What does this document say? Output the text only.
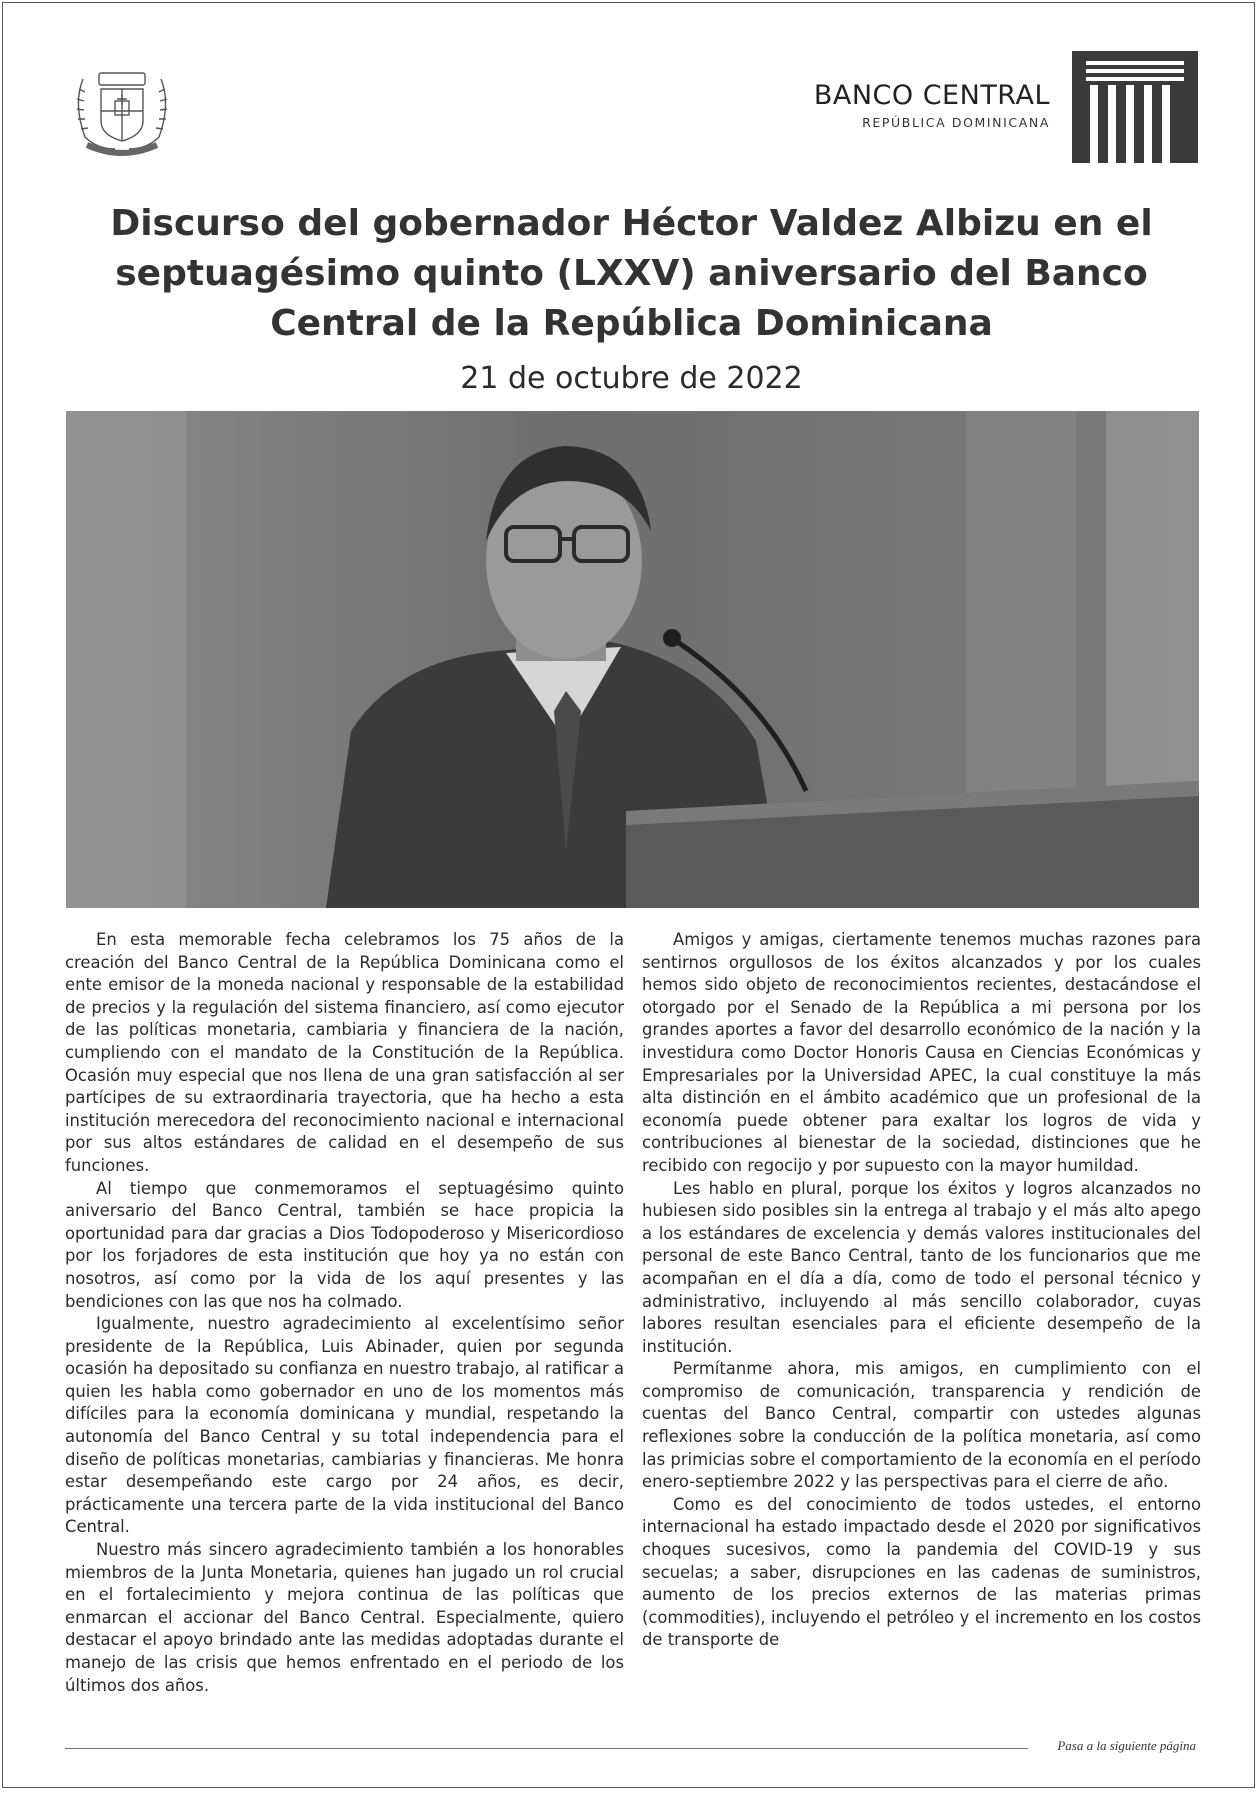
BANCO CENTRAL
REPÚBLICA DOMINICANA
Discurso del gobernador Héctor Valdez Albizu en el septuagésimo quinto (LXXV) aniversario del Banco Central de la República Dominicana
21 de octubre de 2022

En esta memorable fecha celebramos los 75 años de la creación del Banco Central de la República Dominicana como el ente emisor de la moneda nacional y responsable de la estabilidad de precios y la regulación del sistema financiero, así como ejecutor de las políticas monetaria, cambiaria y financiera de la nación, cumpliendo con el mandato de la Constitución de la República. Ocasión muy especial que nos llena de una gran satisfacción al ser partícipes de su extraordinaria trayectoria, que ha hecho a esta institución merecedora del reconocimiento nacional e internacional por sus altos estándares de calidad en el desempeño de sus funciones.

Al tiempo que conmemoramos el septuagésimo quinto aniversario del Banco Central, también se hace propicia la oportunidad para dar gracias a Dios Todopoderoso y Misericordioso por los forjadores de esta institución que hoy ya no están con nosotros, así como por la vida de los aquí presentes y las bendiciones con las que nos ha colmado.

Igualmente, nuestro agradecimiento al excelentísimo señor presidente de la República, Luis Abinader, quien por segunda ocasión ha depositado su confianza en nuestro trabajo, al ratificar a quien les habla como gobernador en uno de los momentos más difíciles para la economía dominicana y mundial, respetando la autonomía del Banco Central y su total independencia para el diseño de políticas monetarias, cambiarias y financieras. Me honra estar desempeñando este cargo por 24 años, es decir, prácticamente una tercera parte de la vida institucional del Banco Central.

Nuestro más sincero agradecimiento también a los honorables miembros de la Junta Monetaria, quienes han jugado un rol crucial en el fortalecimiento y mejora continua de las políticas que enmarcan el accionar del Banco Central. Especialmente, quiero destacar el apoyo brindado ante las medidas adoptadas durante el manejo de las crisis que hemos enfrentado en el periodo de los últimos dos años.

Amigos y amigas, ciertamente tenemos muchas razones para sentirnos orgullosos de los éxitos alcanzados y por los cuales hemos sido objeto de reconocimientos recientes, destacándose el otorgado por el Senado de la República a mi persona por los grandes aportes a favor del desarrollo económico de la nación y la investidura como Doctor Honoris Causa en Ciencias Económicas y Empresariales por la Universidad APEC, la cual constituye la más alta distinción en el ámbito académico que un profesional de la economía puede obtener para exaltar los logros de vida y contribuciones al bienestar de la sociedad, distinciones que he recibido con regocijo y por supuesto con la mayor humildad.

Les hablo en plural, porque los éxitos y logros alcanzados no hubiesen sido posibles sin la entrega al trabajo y el más alto apego a los estándares de excelencia y demás valores institucionales del personal de este Banco Central, tanto de los funcionarios que me acompañan en el día a día, como de todo el personal técnico y administrativo, incluyendo al más sencillo colaborador, cuyas labores resultan esenciales para el eficiente desempeño de la institución.

Permítanme ahora, mis amigos, en cumplimiento con el compromiso de comunicación, transparencia y rendición de cuentas del Banco Central, compartir con ustedes algunas reflexiones sobre la conducción de la política monetaria, así como las primicias sobre el comportamiento de la economía en el período enero-septiembre 2022 y las perspectivas para el cierre de año.

Como es del conocimiento de todos ustedes, el entorno internacional ha estado impactado desde el 2020 por significativos choques sucesivos, como la pandemia del COVID-19 y sus secuelas; a saber, disrupciones en las cadenas de suministros, aumento de los precios externos de las materias primas (commodities), incluyendo el petróleo y el incremento en los costos de transporte de

Pasa a la siguiente página
